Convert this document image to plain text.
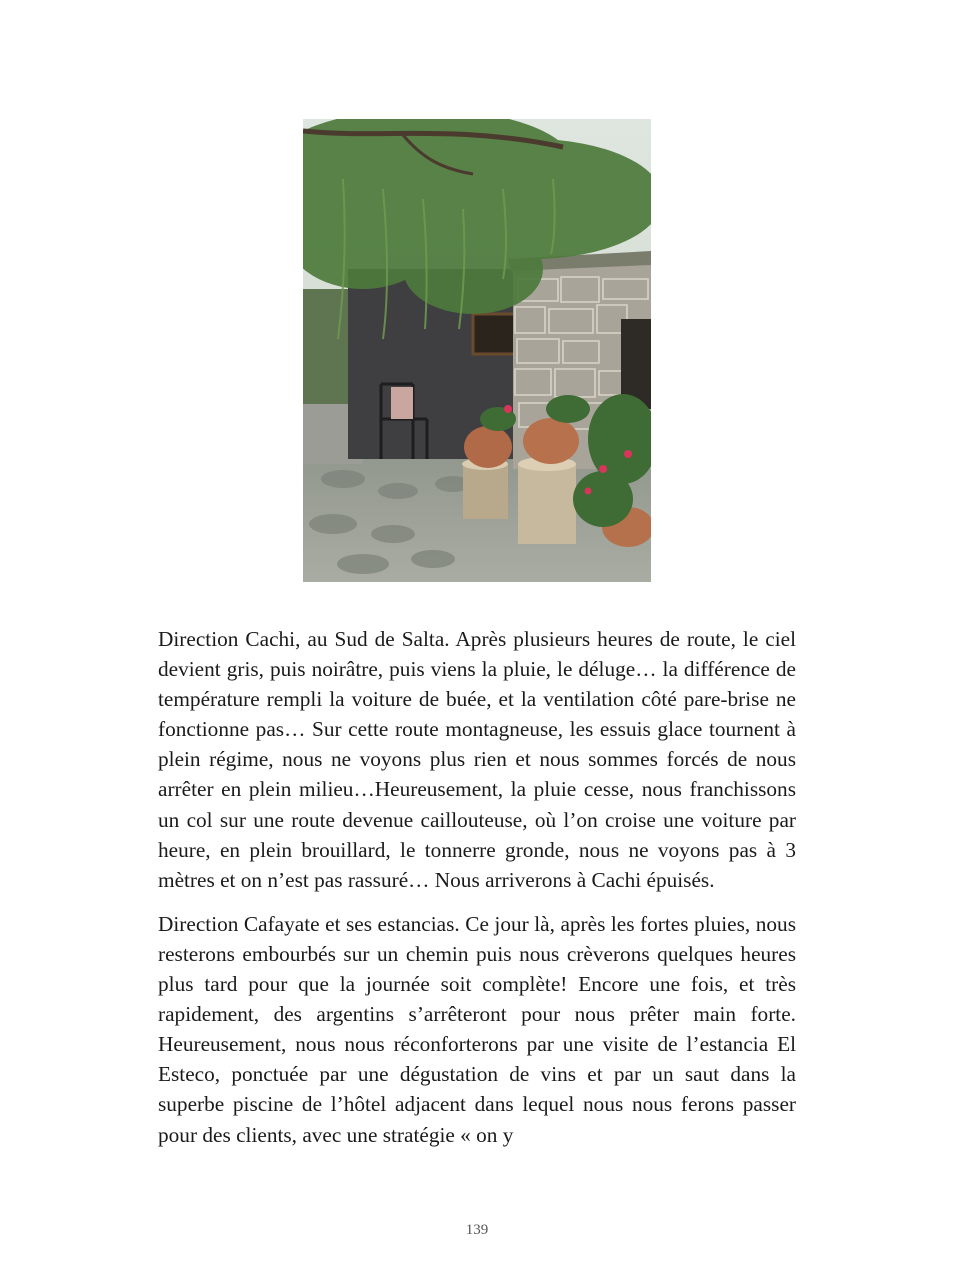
Direction Cachi, au Sud de Salta. Après plusieurs heures de route, le ciel devient gris, puis noirâtre, puis viens la pluie, le déluge… la différence de température rempli la voiture de buée, et la ventilation côté pare-brise ne fonctionne pas… Sur cette route montagneuse, les essuis glace tournent à plein régime, nous ne voyons plus rien et nous sommes forcés de nous arrêter en plein milieu…Heureusement, la pluie cesse, nous franchissons un col sur une route devenue caillouteuse, où l’on croise une voiture par heure, en plein brouillard, le tonnerre gronde, nous ne voyons pas à 3 mètres et on n’est pas rassuré… Nous arriverons à Cachi épuisés.

Direction Cafayate et ses estancias. Ce jour là, après les fortes pluies, nous resterons embourbés sur un chemin puis nous crèverons quelques heures plus tard pour que la journée soit complète! Encore une fois, et très rapidement, des argentins s’arrêteront pour nous prêter main forte. Heureusement, nous nous réconforterons par une visite de l’estancia El Esteco, ponctuée par une dégustation de vins et par un saut dans la superbe piscine de l’hôtel adjacent dans lequel nous nous ferons passer pour des clients, avec une stratégie « on y

139
